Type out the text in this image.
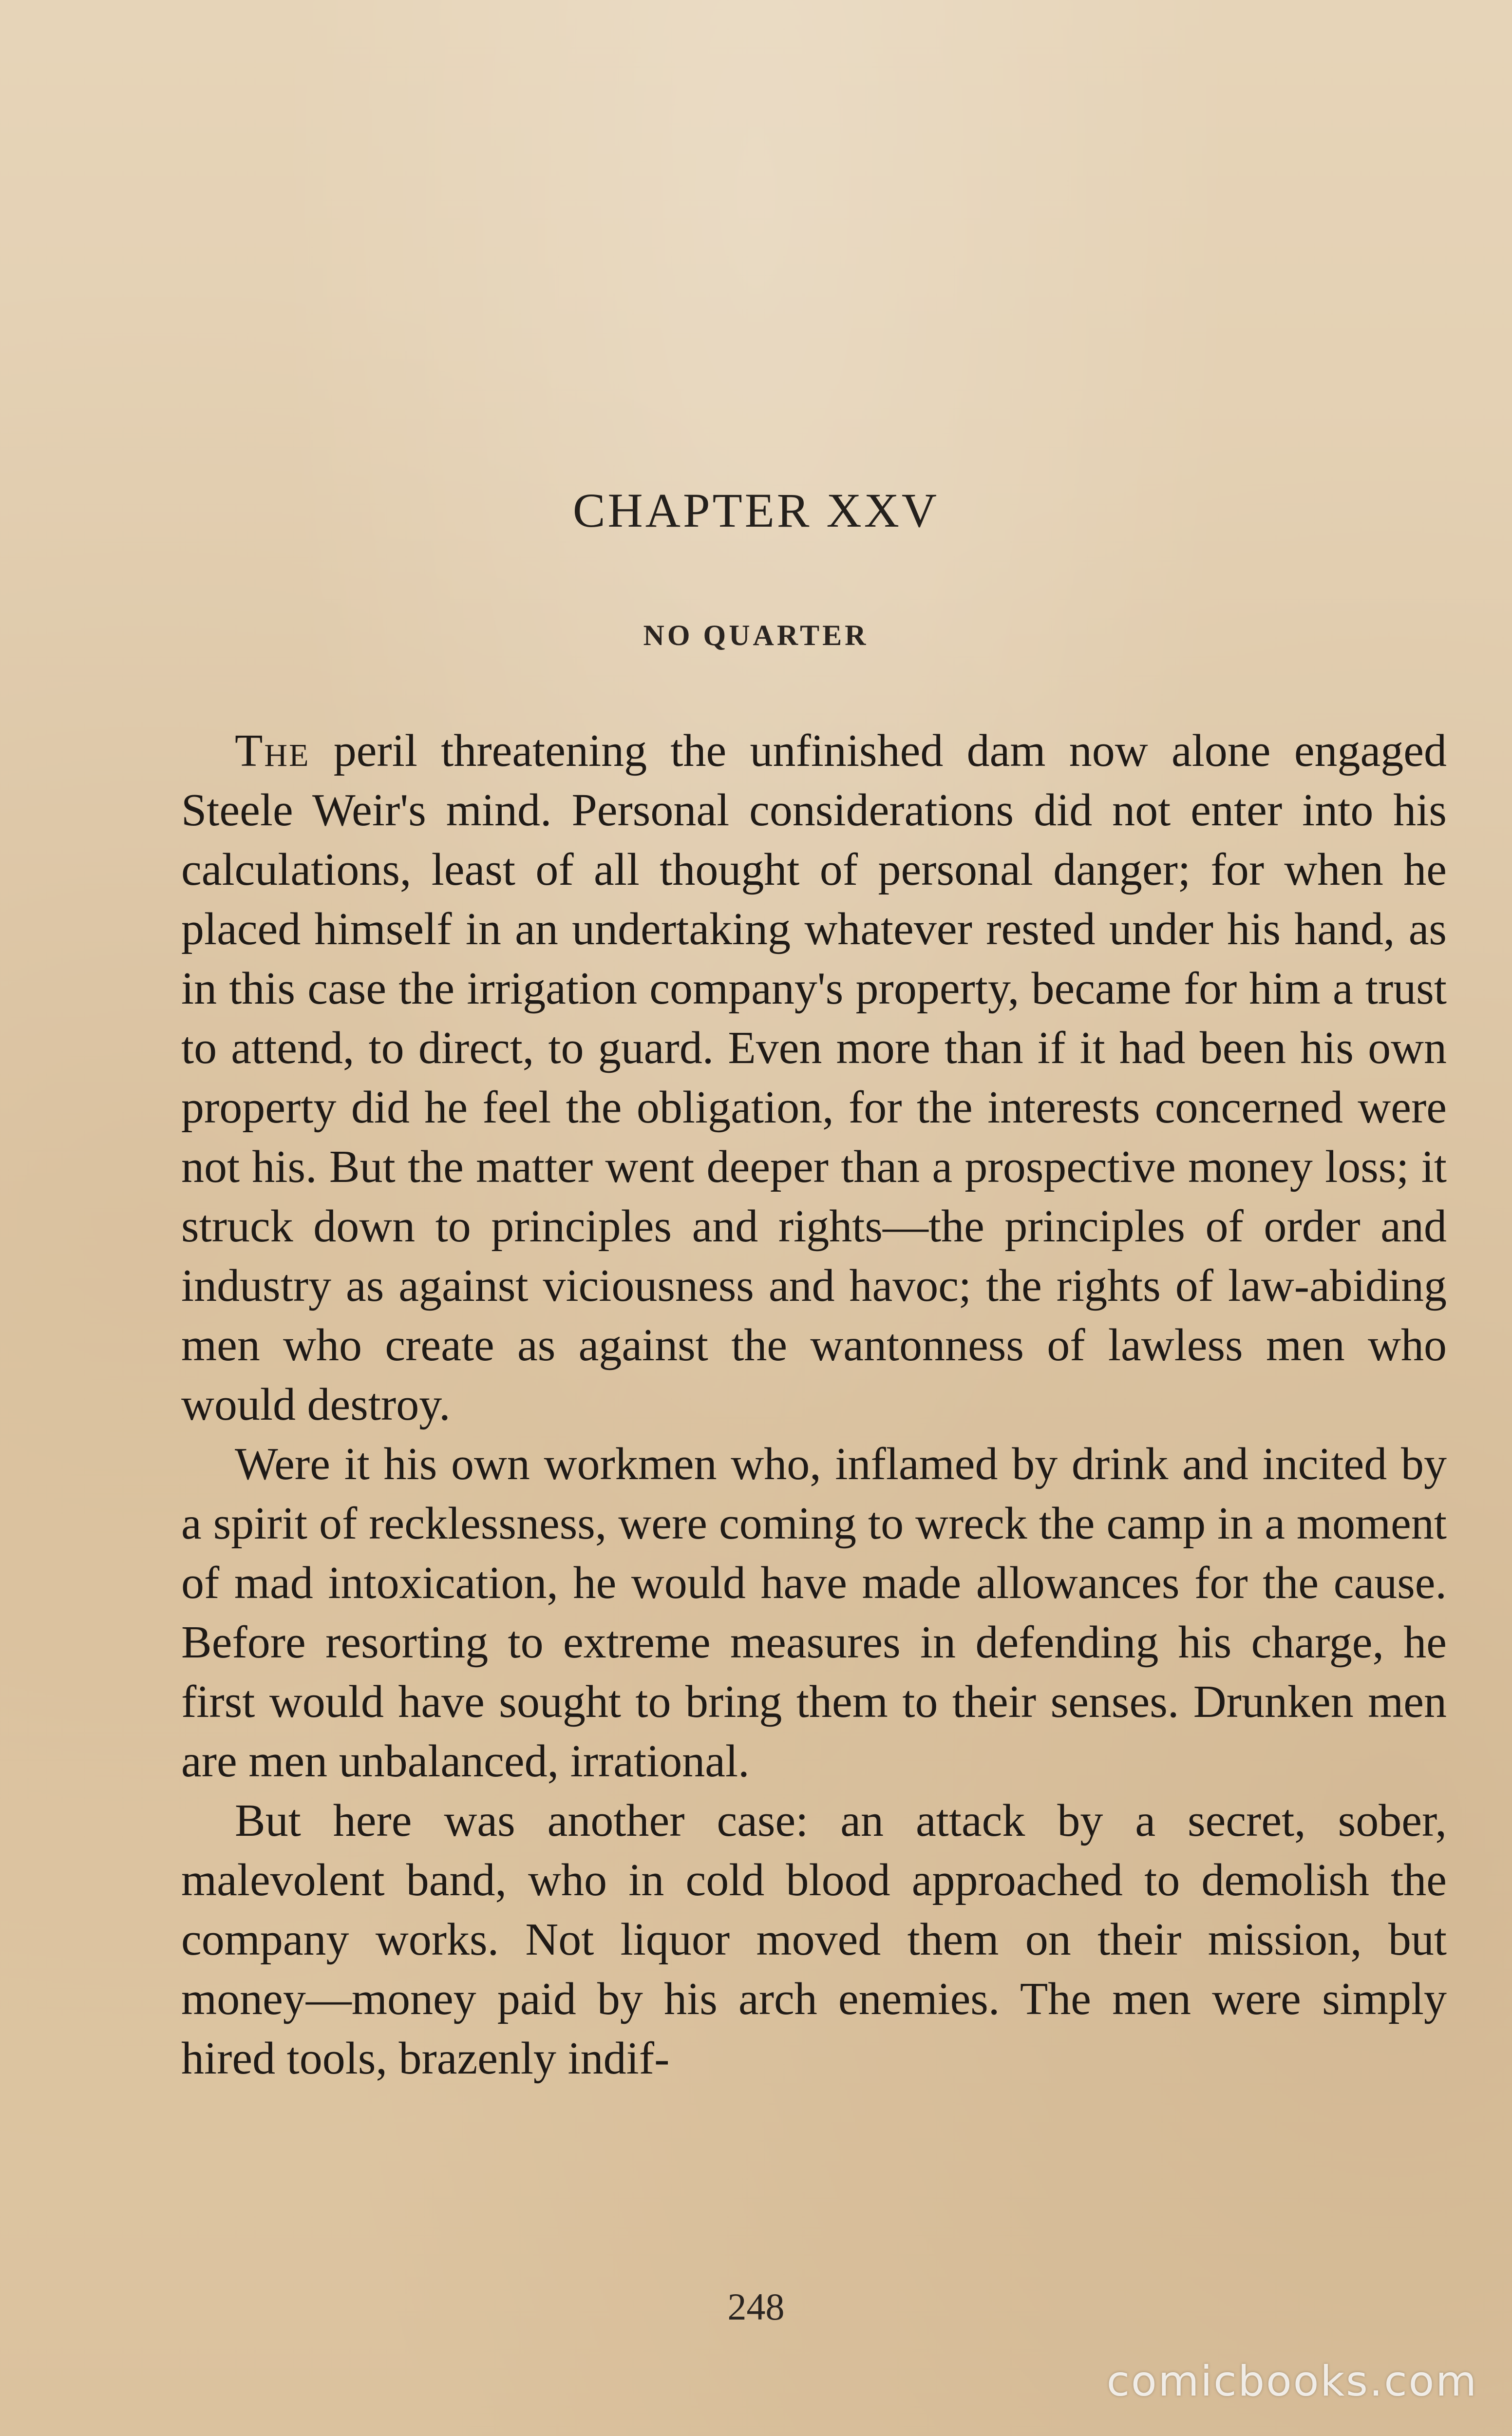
CHAPTER XXV
NO QUARTER

The peril threatening the unfinished dam now alone engaged Steele Weir's mind. Personal considerations did not enter into his calculations, least of all thought of personal danger; for when he placed himself in an undertaking whatever rested under his hand, as in this case the irrigation company's property, became for him a trust to attend, to direct, to guard. Even more than if it had been his own property did he feel the obligation, for the interests concerned were not his. But the matter went deeper than a prospective money loss; it struck down to principles and rights—the principles of order and industry as against viciousness and havoc; the rights of law-abiding men who create as against the wantonness of lawless men who would destroy.

Were it his own workmen who, inflamed by drink and incited by a spirit of recklessness, were coming to wreck the camp in a moment of mad intoxication, he would have made allowances for the cause. Before resorting to extreme measures in defending his charge, he first would have sought to bring them to their senses. Drunken men are men unbalanced, irrational.

But here was another case: an attack by a secret, sober, malevolent band, who in cold blood approached to demolish the company works. Not liquor moved them on their mission, but money—money paid by his arch enemies. The men were simply hired tools, brazenly indif-

248
comicbooks.com
